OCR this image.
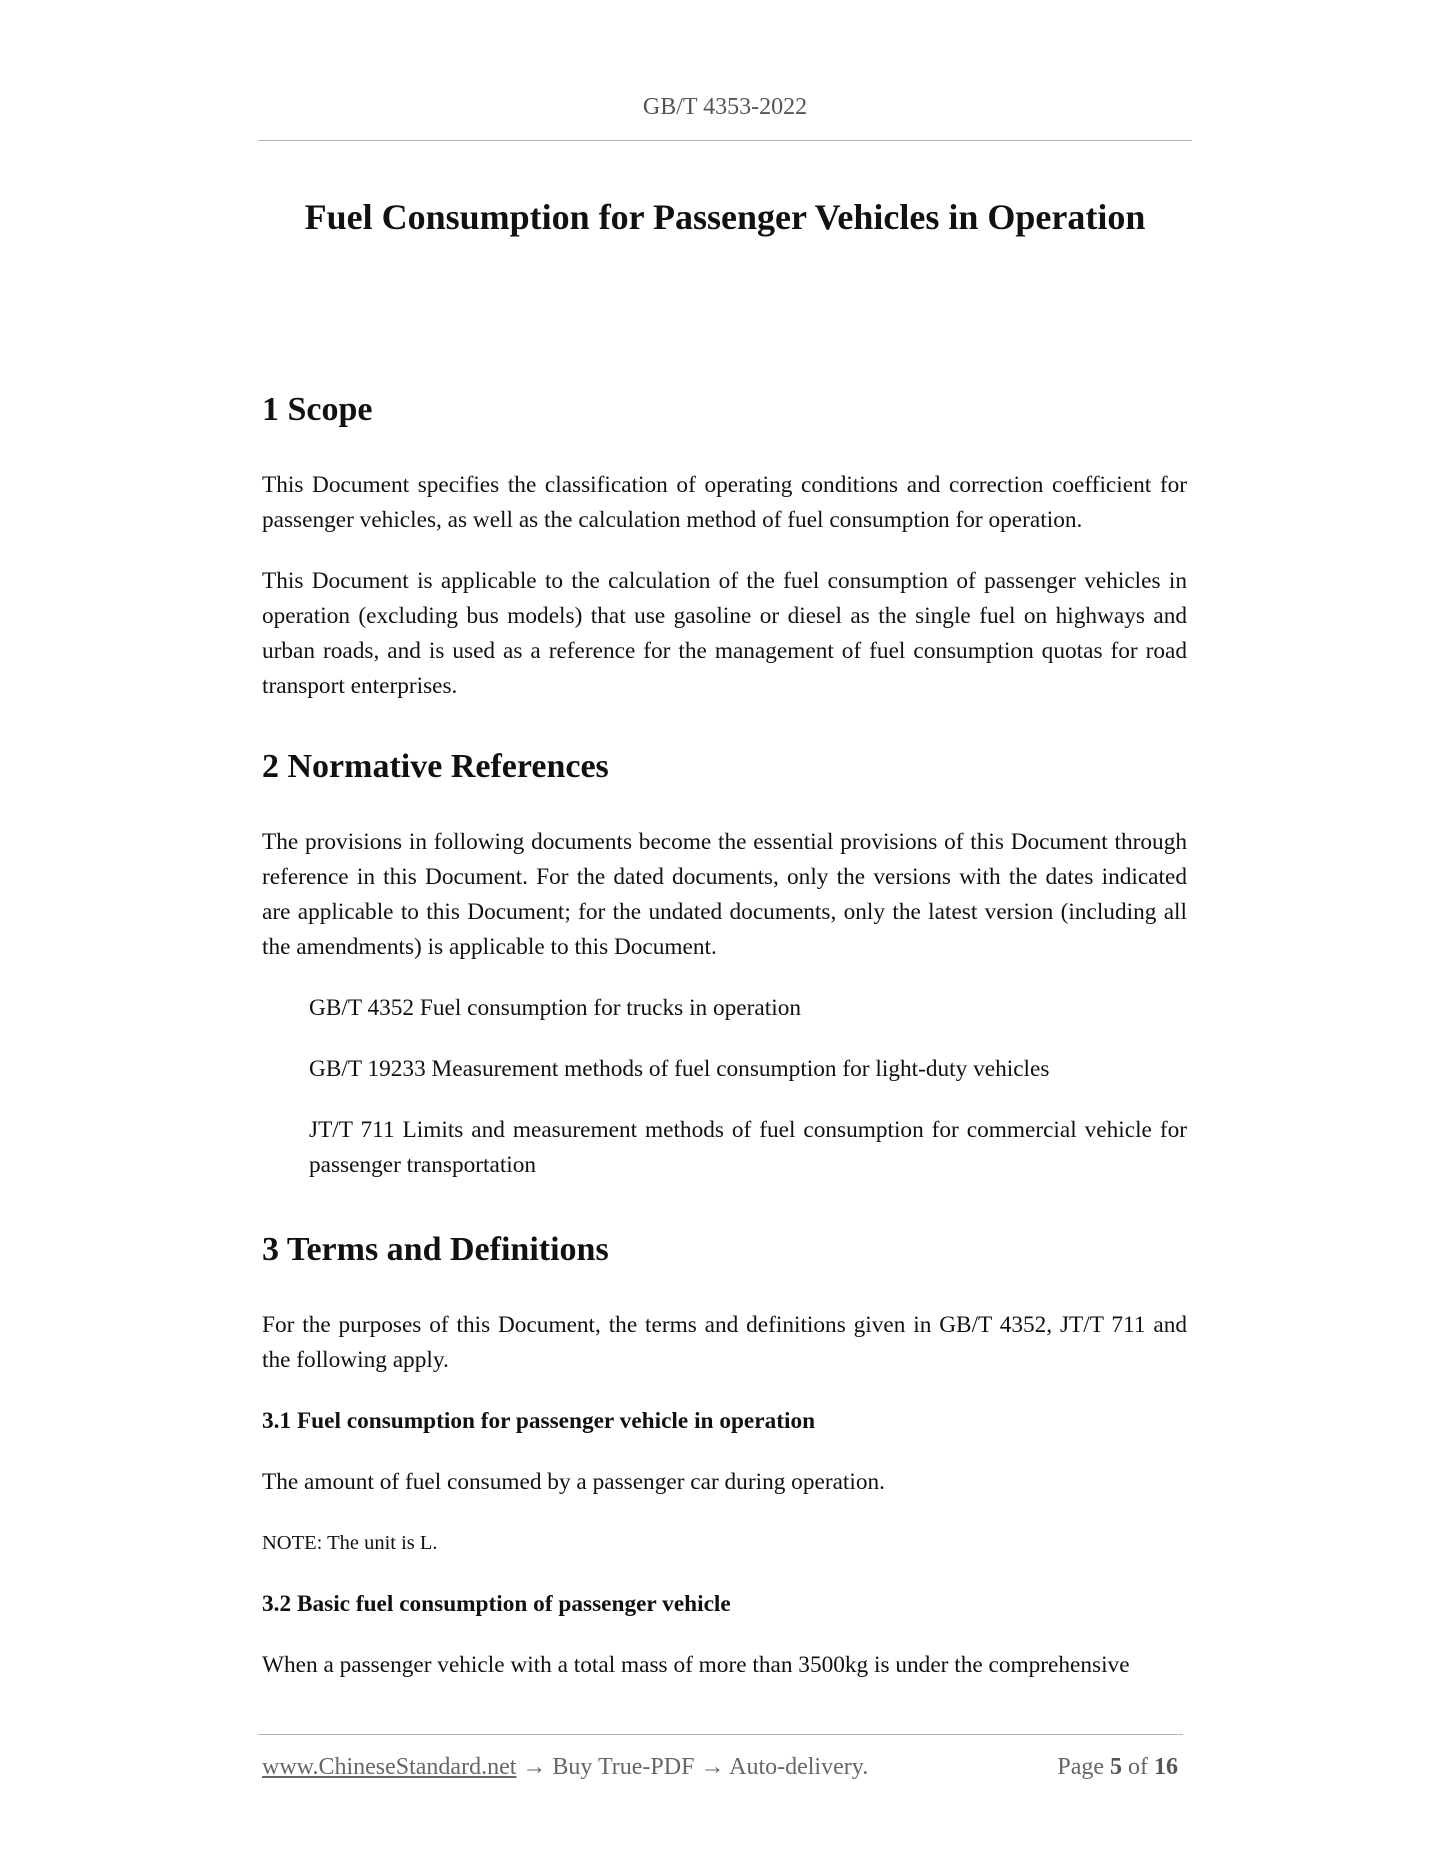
GB/T 4353-2022
Fuel Consumption for Passenger Vehicles in Operation
1 Scope

This Document specifies the classification of operating conditions and correction coefficient for passenger vehicles, as well as the calculation method of fuel consumption for operation.

This Document is applicable to the calculation of the fuel consumption of passenger vehicles in operation (excluding bus models) that use gasoline or diesel as the single fuel on highways and urban roads, and is used as a reference for the management of fuel consumption quotas for road transport enterprises.

2 Normative References

The provisions in following documents become the essential provisions of this Document through reference in this Document. For the dated documents, only the versions with the dates indicated are applicable to this Document; for the undated documents, only the latest version (including all the amendments) is applicable to this Document.

GB/T 4352 Fuel consumption for trucks in operation

GB/T 19233 Measurement methods of fuel consumption for light-duty vehicles

JT/T 711 Limits and measurement methods of fuel consumption for commercial vehicle for passenger transportation

3 Terms and Definitions

For the purposes of this Document, the terms and definitions given in GB/T 4352, JT/T 711 and the following apply.

3.1 Fuel consumption for passenger vehicle in operation

The amount of fuel consumed by a passenger car during operation.

NOTE: The unit is L.

3.2 Basic fuel consumption of passenger vehicle

When a passenger vehicle with a total mass of more than 3500kg is under the comprehensive

www.ChineseStandard.net → Buy True-PDF → Auto-delivery.	Page 5 of 16
